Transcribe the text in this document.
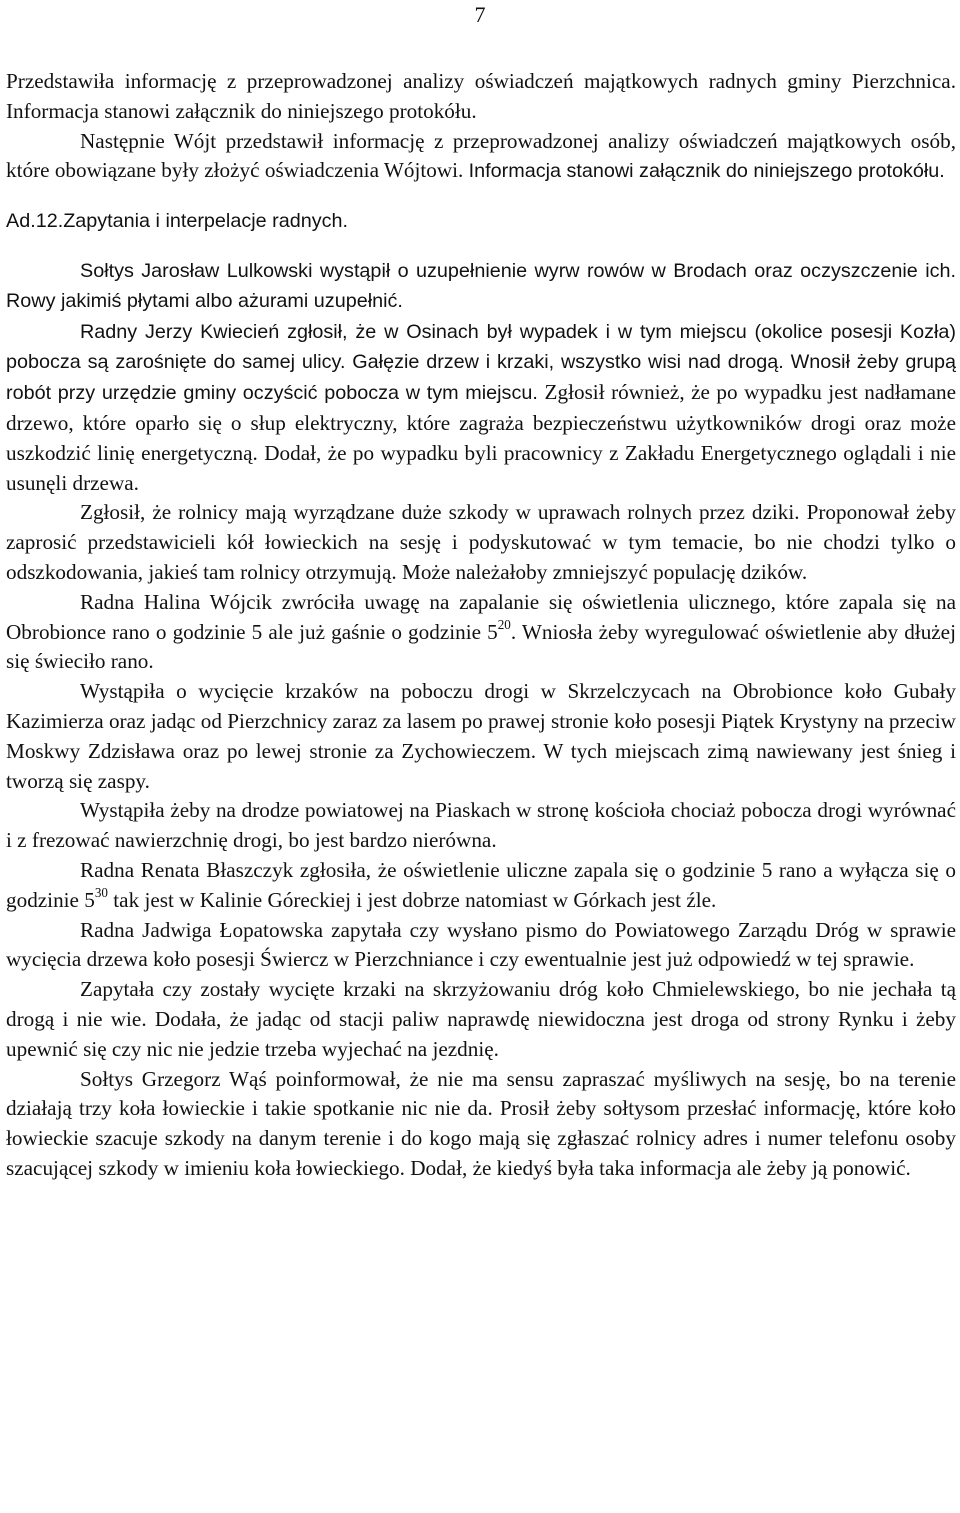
7

Przedstawiła informację z przeprowadzonej analizy oświadczeń majątkowych radnych gminy Pierzchnica. Informacja stanowi załącznik do niniejszego protokółu.

Następnie Wójt przedstawił informację z przeprowadzonej analizy oświadczeń majątkowych osób, które obowiązane były złożyć oświadczenia Wójtowi. Informacja stanowi załącznik do niniejszego protokółu.

Ad.12.Zapytania i interpelacje radnych.

Sołtys Jarosław Lulkowski wystąpił o uzupełnienie wyrw rowów w Brodach oraz oczyszczenie ich. Rowy jakimiś płytami albo ażurami uzupełnić.

Radny Jerzy Kwiecień zgłosił, że w Osinach był wypadek i w tym miejscu (okolice posesji Kozła) pobocza są zarośnięte do samej ulicy. Gałęzie drzew i krzaki, wszystko wisi nad drogą. Wnosił żeby grupą robót przy urzędzie gminy oczyścić pobocza w tym miejscu. Zgłosił również, że po wypadku jest nadłamane drzewo, które oparło się o słup elektryczny, które zagraża bezpieczeństwu użytkowników drogi oraz może uszkodzić linię energetyczną. Dodał, że po wypadku byli pracownicy z Zakładu Energetycznego oglądali i nie usunęli drzewa.

Zgłosił, że rolnicy mają wyrządzane duże szkody w uprawach rolnych przez dziki. Proponował żeby zaprosić przedstawicieli kół łowieckich na sesję i podyskutować w tym temacie, bo nie chodzi tylko o odszkodowania, jakieś tam rolnicy otrzymują. Może należałoby zmniejszyć populację dzików.

Radna Halina Wójcik zwróciła uwagę na zapalanie się oświetlenia ulicznego, które zapala się na Obrobionce rano o godzinie 5 ale już gaśnie o godzinie $5^{20}$. Wniosła żeby wyregulować oświetlenie aby dłużej się świeciło rano.

Wystąpiła o wycięcie krzaków na poboczu drogi w Skrzelczycach na Obrobionce koło Gubały Kazimierza oraz jadąc od Pierzchnicy zaraz za lasem po prawej stronie koło posesji Piątek Krystyny na przeciw Moskwy Zdzisława oraz po lewej stronie za Zychowieczem. W tych miejscach zimą nawiewany jest śnieg i tworzą się zaspy.

Wystąpiła żeby na drodze powiatowej na Piaskach w stronę kościoła chociaż pobocza drogi wyrównać i z frezować nawierzchnię drogi, bo jest bardzo nierówna.

Radna Renata Błaszczyk zgłosiła, że oświetlenie uliczne zapala się o godzinie 5 rano a wyłącza się o godzinie $5^{30}$ tak jest w Kalinie Góreckiej i jest dobrze natomiast w Górkach jest źle.

Radna Jadwiga Łopatowska zapytała czy wysłano pismo do Powiatowego Zarządu Dróg w sprawie wycięcia drzewa koło posesji Świercz w Pierzchniance i czy ewentualnie jest już odpowiedź w tej sprawie.

Zapytała czy zostały wycięte krzaki na skrzyżowaniu dróg koło Chmielewskiego, bo nie jechała tą drogą i nie wie. Dodała, że jadąc od stacji paliw naprawdę niewidoczna jest droga od strony Rynku i żeby upewnić się czy nic nie jedzie trzeba wyjechać na jezdnię.

Sołtys Grzegorz Wąś poinformował, że nie ma sensu zapraszać myśliwych na sesję, bo na terenie działają trzy koła łowieckie i takie spotkanie nic nie da. Prosił żeby sołtysom przesłać informację, które koło łowieckie szacuje szkody na danym terenie i do kogo mają się zgłaszać rolnicy adres i numer telefonu osoby szacującej szkody w imieniu koła łowieckiego. Dodał, że kiedyś była taka informacja ale żeby ją ponowić.
